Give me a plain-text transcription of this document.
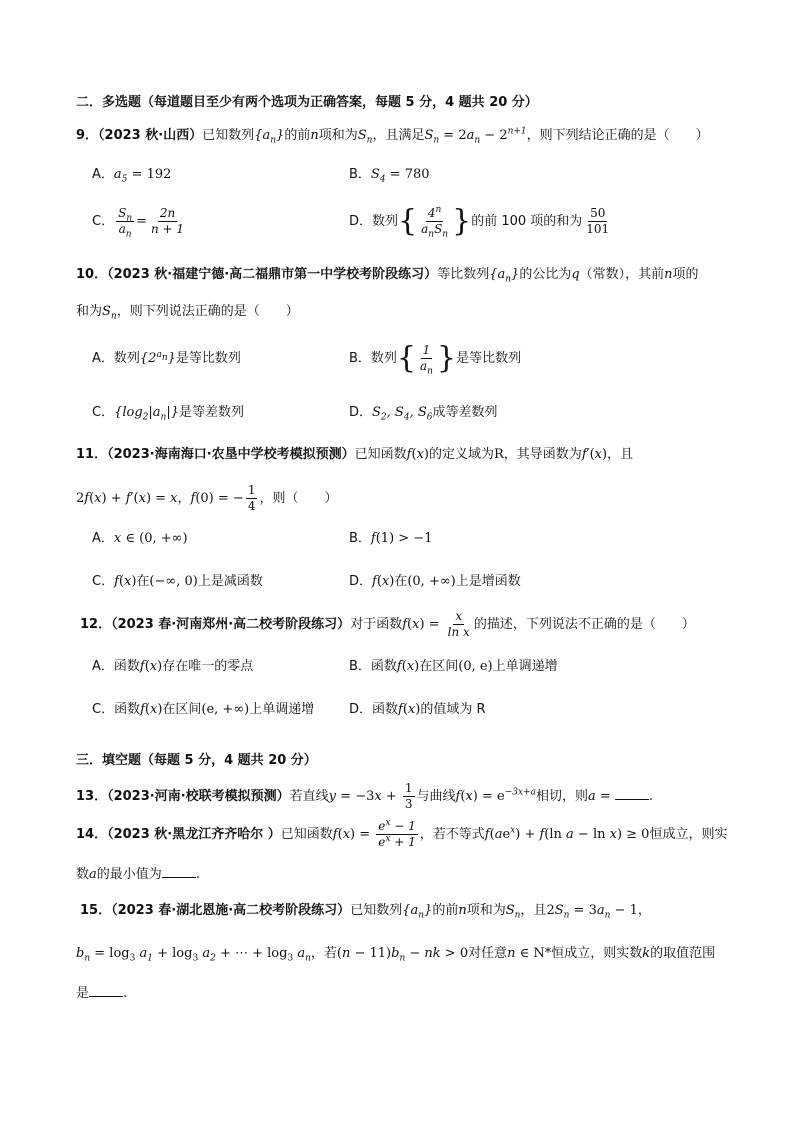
二．多选题（每道题目至少有两个选项为正确答案，每题 5 分，4 题共 20 分）
9．（2023 秋·山西）已知数列$\{a_n\}$的前n项和为$S_n$，且满足$S_n = 2a_n - 2^{n+1}$，则下列结论正确的是（　　）
A．$a_5 = 192$	B．$S_4 = 780$
C． $\frac{S_n}{a_n} = \frac{2n}{n + 1}$	D．数列{ $\frac{4^n}{a_nS_n}$ }的前 100 项的和为 $\frac{50}{101}$
10．（2023 秋·福建宁德·高二福鼎市第一中学校考阶段练习）等比数列$\{a_n\}$的公比为q（常数），其前n项的
和为$S_n$，则下列说法正确的是（　　）
A．数列$\{2^{a_n}\}$是等比数列	B．数列{ $\frac{1}{a_n}$ }是等比数列
C．$\{\log_2|a_n|\}$是等差数列	D．$S_2$, $S_4$, $S_6$成等差数列
11．（2023·海南海口·农垦中学校考模拟预测）已知函数f(x)的定义域为R，其导函数为f′(x)，且
2f(x) + f′(x) = x，f(0) = − $\frac{1}{4}$ ，则（　　）
A．x ∈ (0, +∞)	B．f(1) > −1
C．f(x)在(−∞, 0)上是减函数	D．f(x)在(0, +∞)上是增函数
12．（2023 春·河南郑州·高二校考阶段练习）对于函数$f(x) = \frac{x}{\text{ln x}}$ 的描述，下列说法不正确的是（　　）
A．函数f(x)存在唯一的零点	B．函数f(x)在区间(0, e)上单调递增
C．函数f(x)在区间(e, +∞)上单调递增	D．函数f(x)的值域为 R
三．填空题（每题 5 分，4 题共 20 分）
13．（2023·河南·校联考模拟预测）若直线$y = -3x + \frac{1}{3}$ 与曲线$f(x) = e^{-3x+a}$相切，则a =	.
14．（2023 秋·黑龙江齐齐哈尔 ）已知函数$f(x) = \frac{e^x - 1}{e^x + 1}$ ，若不等式$f(ae^x) + f(\ln$ a − ln x) ≥ 0恒成立，则实
数a的最小值为	.
15．（2023 春·湖北恩施·高二校考阶段练习）已知数列$\{a_n\}$的前n项和为$S_n$，且$2S_n = 3a_n - 1$，
$b_n = \log_3 a_1 + \log_3 a_2$ + ⋯ + $\log_3 a_n$，若$(n - 11)b_n$ − nk > 0对任意n ∈ N*恒成立，则实数k的取值范围
是	.
